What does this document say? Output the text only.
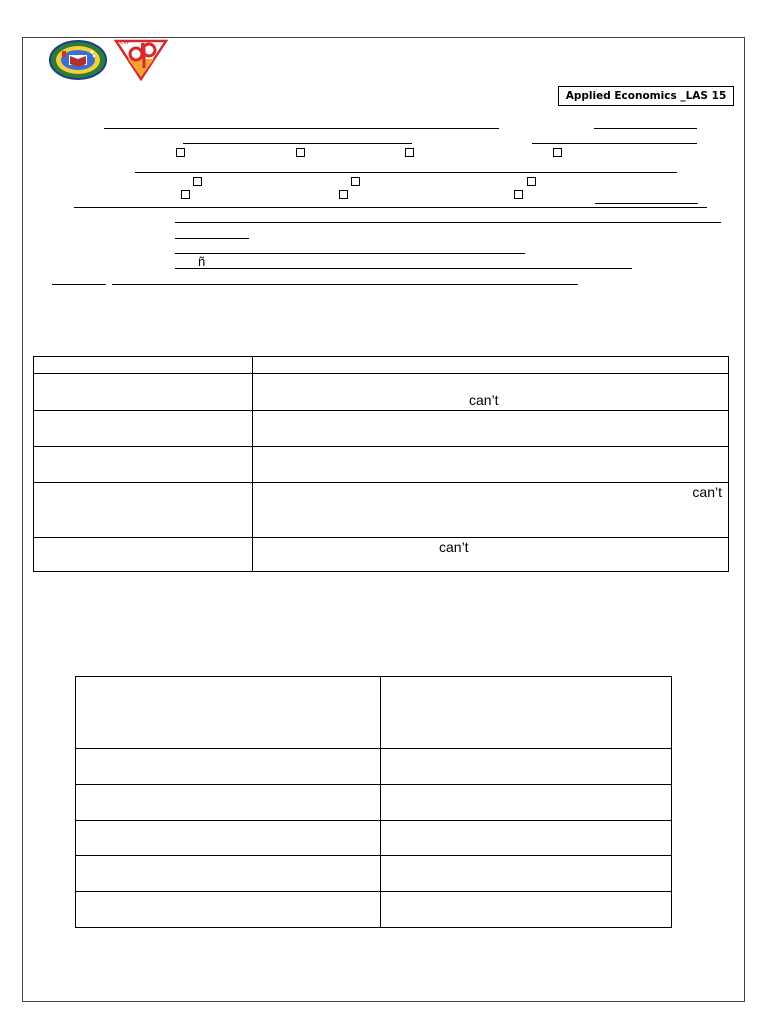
CVP
Applied Economics _LAS 15
ñ

	can’t

	can’t

	can’t
